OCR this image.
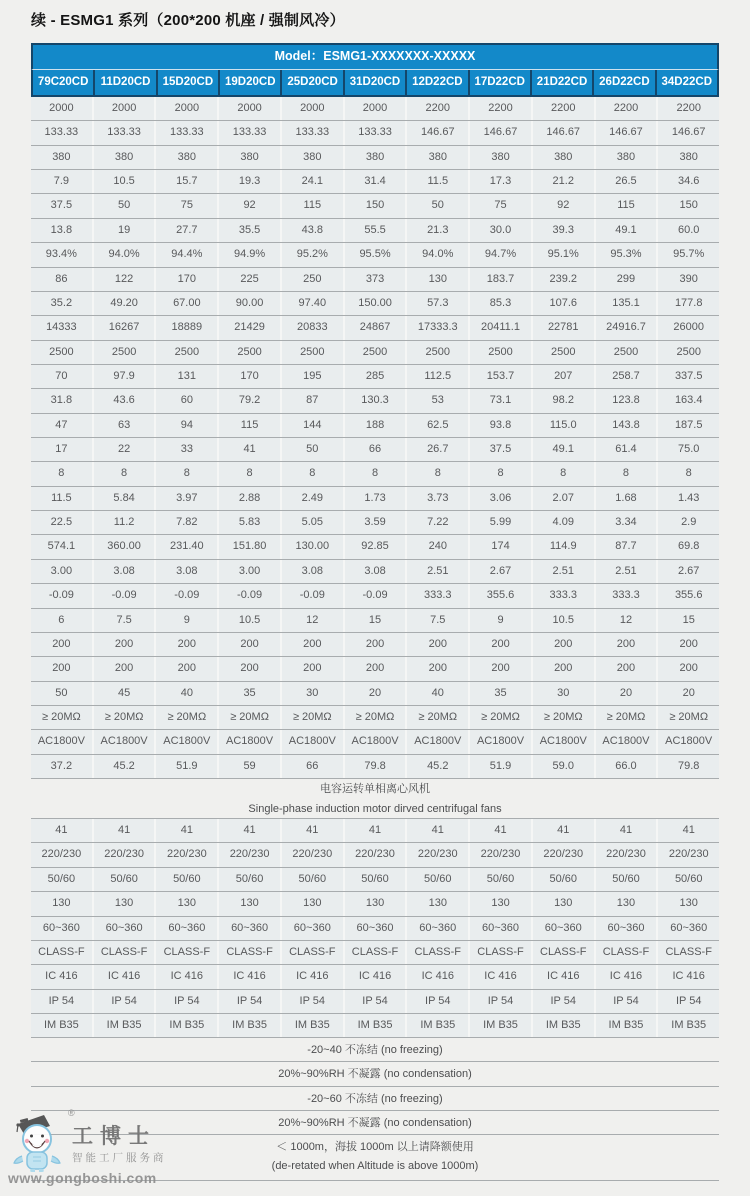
续 - ESMG1 系列（200*200 机座 / 强制风冷）
Model：ESMG1-XXXXXXX-XXXXX
79C20CD	11D20CD	15D20CD	19D20CD	25D20CD	31D20CD	12D22CD	17D22CD	21D22CD	26D22CD	34D22CD
2000	2000	2000	2000	2000	2000	2200	2200	2200	2200	2200
133.33	133.33	133.33	133.33	133.33	133.33	146.67	146.67	146.67	146.67	146.67
380	380	380	380	380	380	380	380	380	380	380
7.9	10.5	15.7	19.3	24.1	31.4	11.5	17.3	21.2	26.5	34.6
37.5	50	75	92	115	150	50	75	92	115	150
13.8	19	27.7	35.5	43.8	55.5	21.3	30.0	39.3	49.1	60.0
93.4%	94.0%	94.4%	94.9%	95.2%	95.5%	94.0%	94.7%	95.1%	95.3%	95.7%
86	122	170	225	250	373	130	183.7	239.2	299	390
35.2	49.20	67.00	90.00	97.40	150.00	57.3	85.3	107.6	135.1	177.8
14333	16267	18889	21429	20833	24867	17333.3	20411.1	22781	24916.7	26000
2500	2500	2500	2500	2500	2500	2500	2500	2500	2500	2500
70	97.9	131	170	195	285	112.5	153.7	207	258.7	337.5
31.8	43.6	60	79.2	87	130.3	53	73.1	98.2	123.8	163.4
47	63	94	115	144	188	62.5	93.8	115.0	143.8	187.5
17	22	33	41	50	66	26.7	37.5	49.1	61.4	75.0
8	8	8	8	8	8	8	8	8	8	8
11.5	5.84	3.97	2.88	2.49	1.73	3.73	3.06	2.07	1.68	1.43
22.5	11.2	7.82	5.83	5.05	3.59	7.22	5.99	4.09	3.34	2.9
574.1	360.00	231.40	151.80	130.00	92.85	240	174	114.9	87.7	69.8
3.00	3.08	3.08	3.00	3.08	3.08	2.51	2.67	2.51	2.51	2.67
-0.09	-0.09	-0.09	-0.09	-0.09	-0.09	333.3	355.6	333.3	333.3	355.6
6	7.5	9	10.5	12	15	7.5	9	10.5	12	15
200	200	200	200	200	200	200	200	200	200	200
200	200	200	200	200	200	200	200	200	200	200
50	45	40	35	30	20	40	35	30	20	20
≥ 20MΩ	≥ 20MΩ	≥ 20MΩ	≥ 20MΩ	≥ 20MΩ	≥ 20MΩ	≥ 20MΩ	≥ 20MΩ	≥ 20MΩ	≥ 20MΩ	≥ 20MΩ
AC1800V	AC1800V	AC1800V	AC1800V	AC1800V	AC1800V	AC1800V	AC1800V	AC1800V	AC1800V	AC1800V
37.2	45.2	51.9	59	66	79.8	45.2	51.9	59.0	66.0	79.8
电容运转单相离心风机
Single-phase induction motor dirved centrifugal fans
41	41	41	41	41	41	41	41	41	41	41
220/230	220/230	220/230	220/230	220/230	220/230	220/230	220/230	220/230	220/230	220/230
50/60	50/60	50/60	50/60	50/60	50/60	50/60	50/60	50/60	50/60	50/60
130	130	130	130	130	130	130	130	130	130	130
60~360	60~360	60~360	60~360	60~360	60~360	60~360	60~360	60~360	60~360	60~360
CLASS-F	CLASS-F	CLASS-F	CLASS-F	CLASS-F	CLASS-F	CLASS-F	CLASS-F	CLASS-F	CLASS-F	CLASS-F
IC 416	IC 416	IC 416	IC 416	IC 416	IC 416	IC 416	IC 416	IC 416	IC 416	IC 416
IP 54	IP 54	IP 54	IP 54	IP 54	IP 54	IP 54	IP 54	IP 54	IP 54	IP 54
IM B35	IM B35	IM B35	IM B35	IM B35	IM B35	IM B35	IM B35	IM B35	IM B35	IM B35
-20~40 不冻结 (no freezing)
20%~90%RH 不凝露 (no condensation)
-20~60 不冻结 (no freezing)
20%~90%RH 不凝露 (no condensation)
＜ 1000m，海拔 1000m 以上请降额使用
(de-retated when Altitude is above 1000m)
®
工博士
智能工厂服务商
www.gongboshi.com
